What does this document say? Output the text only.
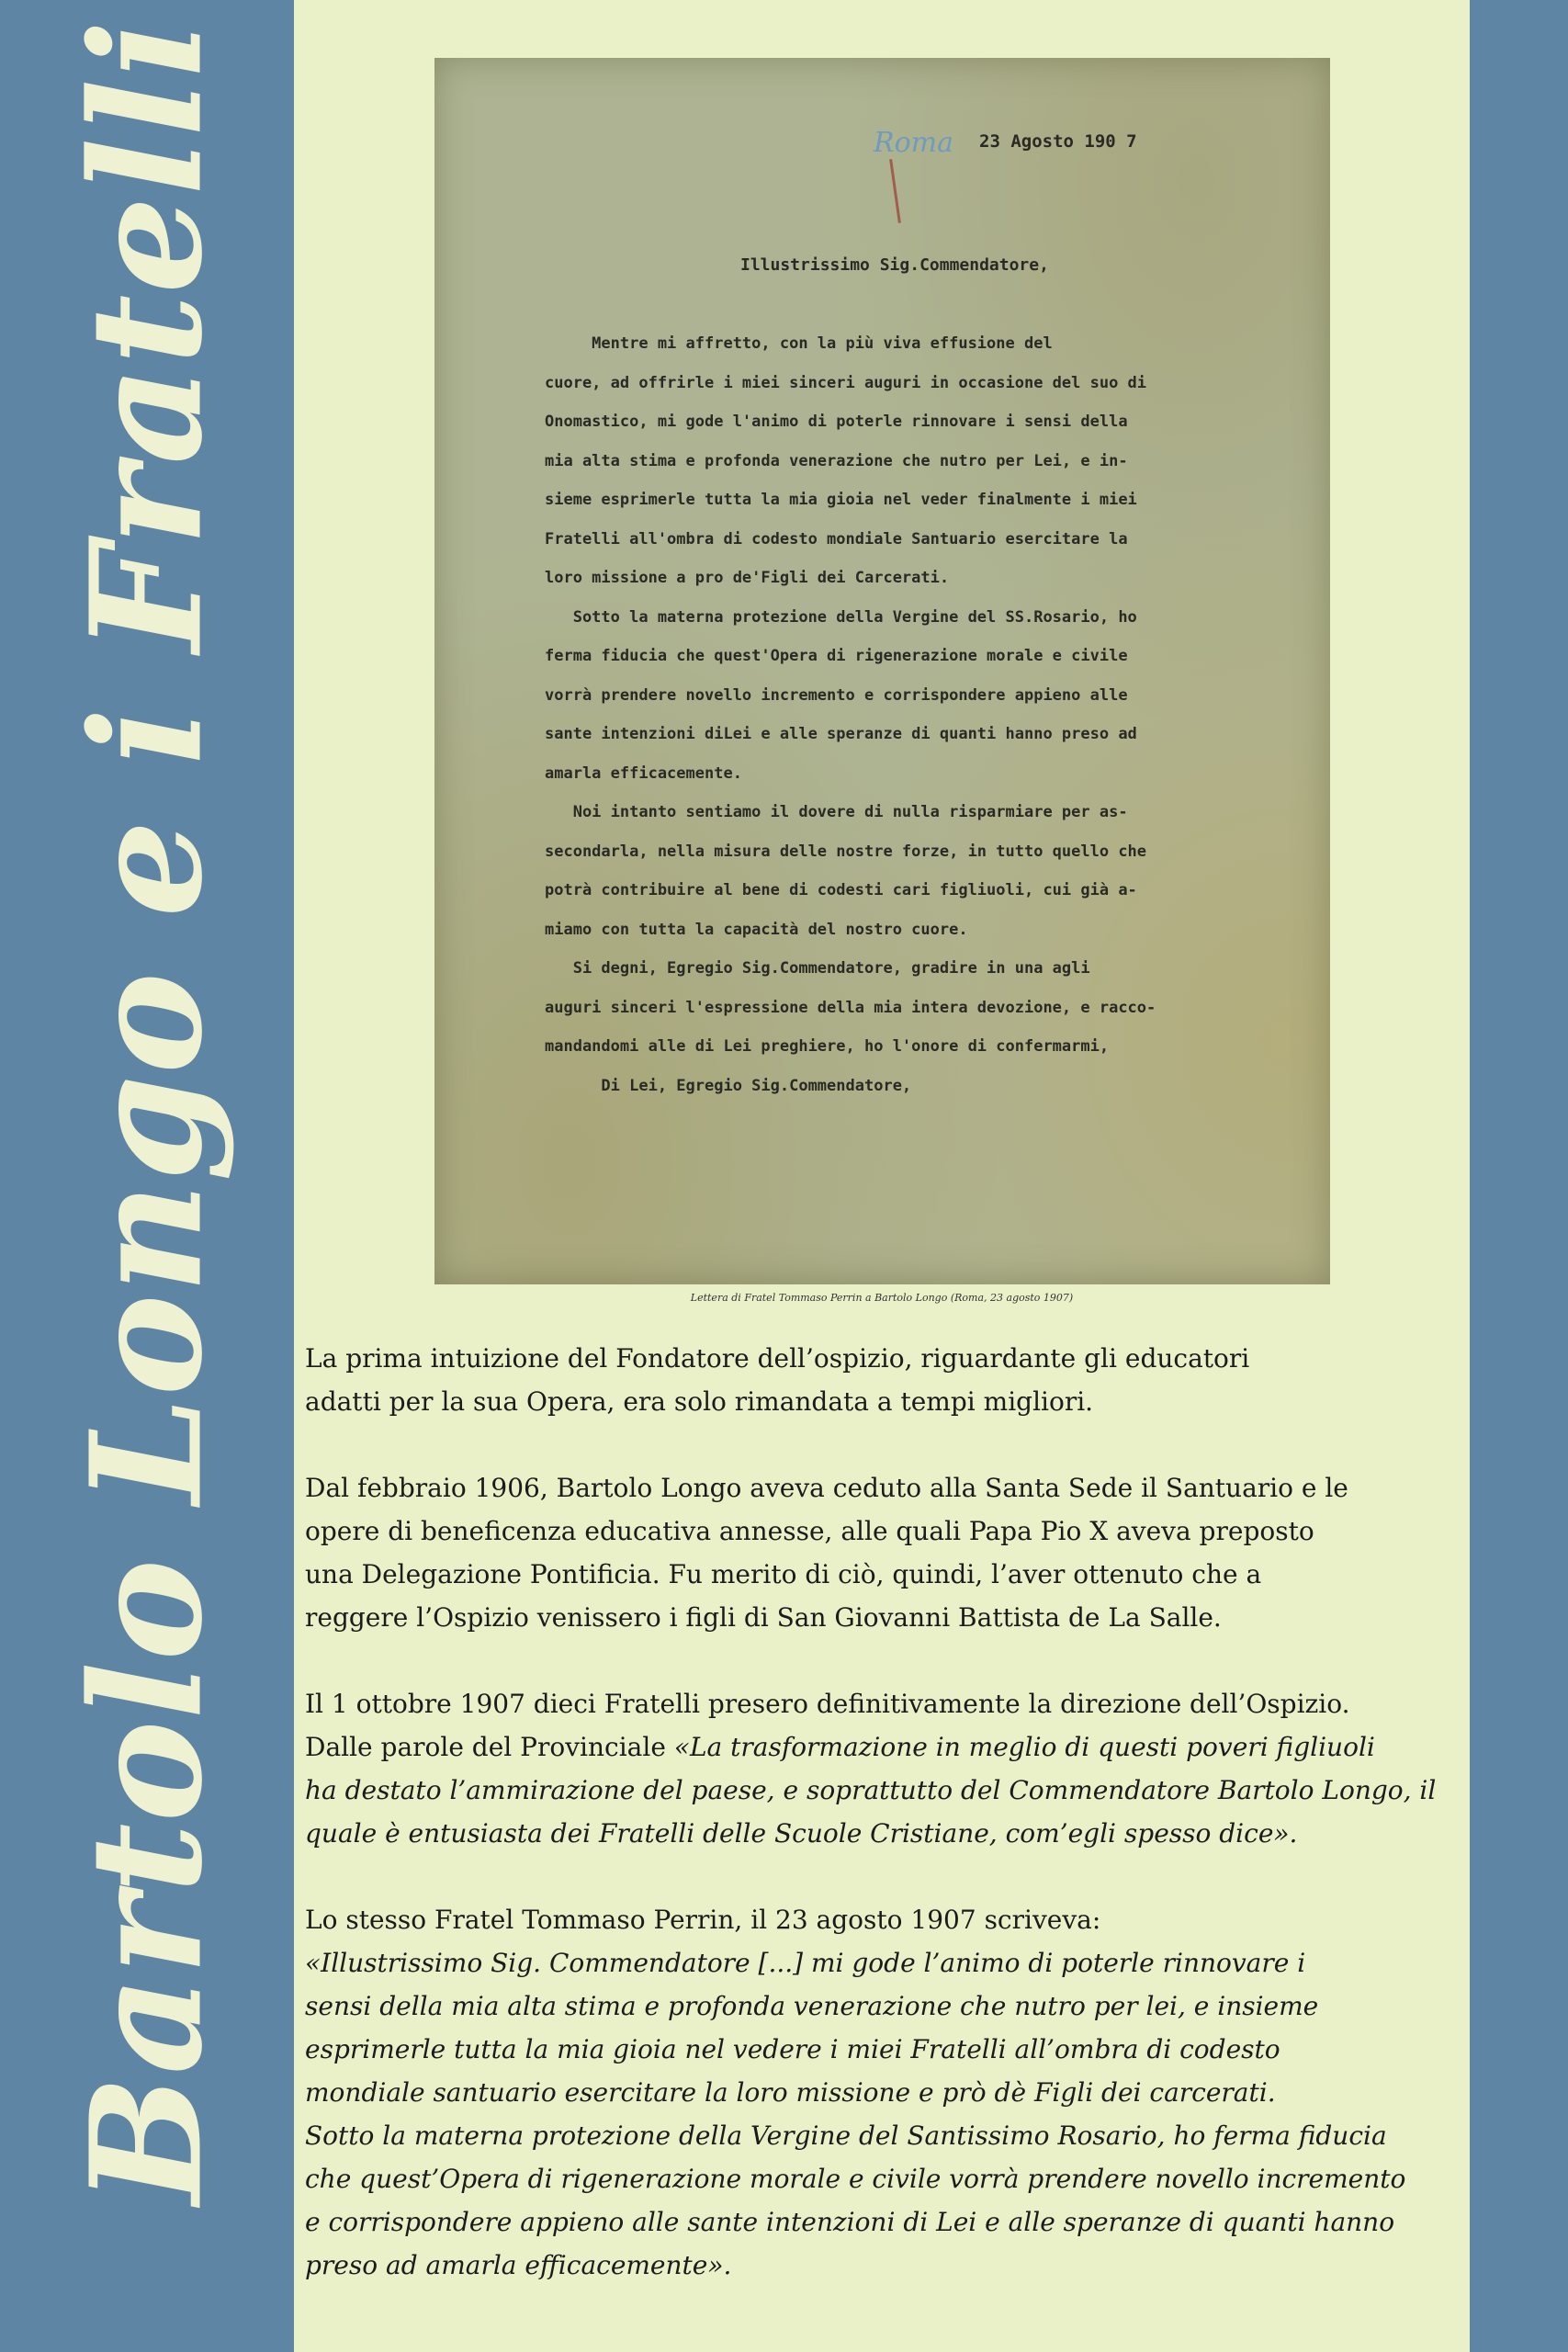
Bartolo Longo e i Fratelli	Roma 23 Agosto 190 7
Illustrissimo Sig.Commendatore,
Mentre mi affretto, con la più viva effusione del
cuore, ad offrirle i miei sinceri auguri in occasione del suo di
Onomastico, mi gode l'animo di poterle rinnovare i sensi della
mia alta stima e profonda venerazione che nutro per Lei, e in-
sieme esprimerle tutta la mia gioia nel veder finalmente i miei
Fratelli all'ombra di codesto mondiale Santuario esercitare la
loro missione a pro de'Figli dei Carcerati.
Sotto la materna protezione della Vergine del SS.Rosario, ho
ferma fiducia che quest'Opera di rigenerazione morale e civile
vorrà prendere novello incremento e corrispondere appieno alle
sante intenzioni diLei e alle speranze di quanti hanno preso ad
amarla efficacemente.
Noi intanto sentiamo il dovere di nulla risparmiare per as-
secondarla, nella misura delle nostre forze, in tutto quello che
potrà contribuire al bene di codesti cari figliuoli, cui già a-
miamo con tutta la capacità del nostro cuore.
Si degni, Egregio Sig.Commendatore, gradire in una agli
auguri sinceri l'espressione della mia intera devozione, e racco-
mandandomi alle di Lei preghiere, ho l'onore di confermarmi,
Di Lei, Egregio Sig.Commendatore,
Lettera di Fratel Tommaso Perrin a Bartolo Longo (Roma, 23 agosto 1907)

La prima intuizione del Fondatore dell’ospizio, riguardante gli educatori
adatti per la sua Opera, era solo rimandata a tempi migliori.

Dal febbraio 1906, Bartolo Longo aveva ceduto alla Santa Sede il Santuario e le
opere di beneficenza educativa annesse, alle quali Papa Pio X aveva preposto
una Delegazione Pontificia. Fu merito di ciò, quindi, l’aver ottenuto che a
reggere l’Ospizio venissero i figli di San Giovanni Battista de La Salle.

Il 1 ottobre 1907 dieci Fratelli presero definitivamente la direzione dell’Ospizio.
Dalle parole del Provinciale «La trasformazione in meglio di questi poveri figliuoli
ha destato l’ammirazione del paese, e soprattutto del Commendatore Bartolo Longo, il
quale è entusiasta dei Fratelli delle Scuole Cristiane, com’egli spesso dice».

Lo stesso Fratel Tommaso Perrin, il 23 agosto 1907 scriveva:
«Illustrissimo Sig. Commendatore [...] mi gode l’animo di poterle rinnovare i
sensi della mia alta stima e profonda venerazione che nutro per lei, e insieme
esprimerle tutta la mia gioia nel vedere i miei Fratelli all’ombra di codesto
mondiale santuario esercitare la loro missione e prò dè Figli dei carcerati.
Sotto la materna protezione della Vergine del Santissimo Rosario, ho ferma fiducia
che quest’Opera di rigenerazione morale e civile vorrà prendere novello incremento
e corrispondere appieno alle sante intenzioni di Lei e alle speranze di quanti hanno
preso ad amarla efficacemente».
